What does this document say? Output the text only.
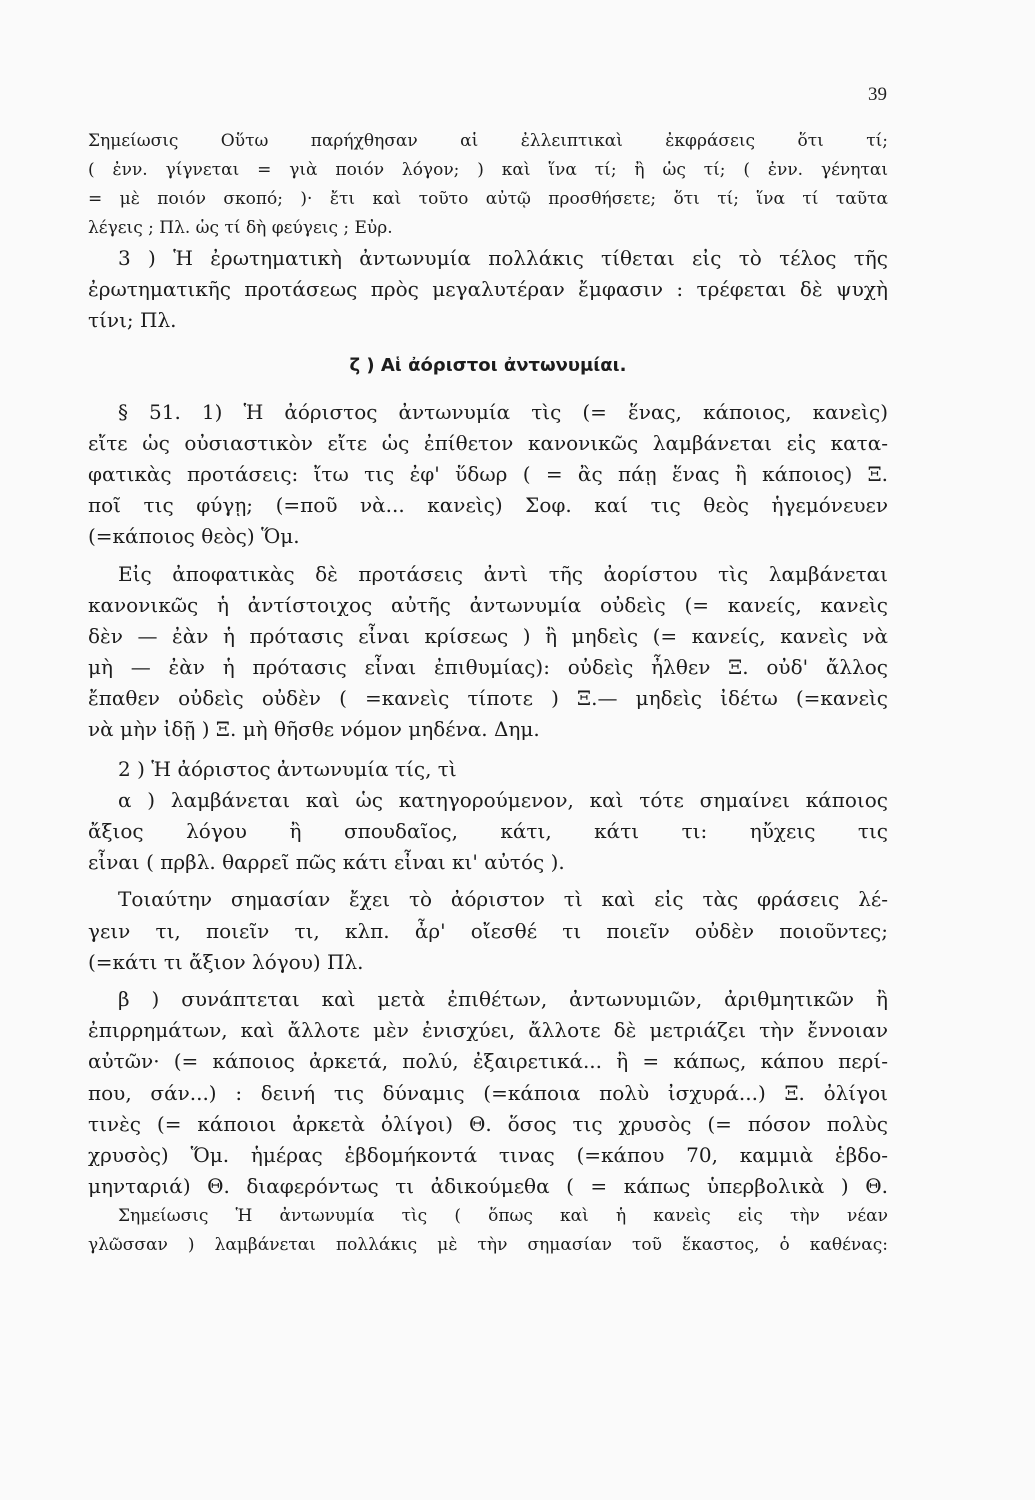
39
Σημείωσις Οὕτω παρήχθησαν αἱ ἐλλειπτικαὶ ἐκφράσεις ὅτι τί;
( ἐνν. γίγνεται = γιὰ ποιόν λόγον; ) καὶ ἵνα τί; ἢ ὡς τί; ( ἐνν. γένηται
= μὲ ποιόν σκοπό; )· ἔτι καὶ τοῦτο αὐτῷ προσθήσετε; ὅτι τί; ἵνα τί ταῦτα
λέγεις ; Πλ. ὡς τί δὴ φεύγεις ; Εὐρ.
3 ) Ἡ ἐρωτηματικὴ ἀντωνυμία πολλάκις τίθεται εἰς τὸ τέλος τῆς
ἐρωτηματικῆς προτάσεως πρὸς μεγαλυτέραν ἔμφασιν : τρέφεται δὲ ψυχὴ
τίνι; Πλ.
ζ ) Αἱ ἀόριστοι ἀντωνυμίαι.
§ 51. 1) Ἡ ἀόριστος ἀντωνυμία τὶς (= ἕνας, κάποιος, κανεὶς)
εἴτε ὡς οὐσιαστικὸν εἴτε ὡς ἐπίθετον κανονικῶς λαμβάνεται εἰς κατα-
φατικὰς προτάσεις: ἴτω τις ἐφ' ὕδωρ ( = ἂς πάῃ ἕνας ἢ κάποιος) Ξ.
ποῖ τις φύγῃ; (=ποῦ νὰ... κανεὶς) Σοφ. καί τις θεὸς ἡγεμόνευεν
(=κάποιος θεὸς) Ὅμ.
Εἰς ἀποφατικὰς δὲ προτάσεις ἀντὶ τῆς ἀορίστου τὶς λαμβάνεται
κανονικῶς ἡ ἀντίστοιχος αὐτῆς ἀντωνυμία οὐδεὶς (= κανείς, κανεὶς
δὲν — ἐὰν ἡ πρότασις εἶναι κρίσεως ) ἢ μηδεὶς (= κανείς, κανεὶς νὰ
μὴ — ἐὰν ἡ πρότασις εἶναι ἐπιθυμίας): οὐδεὶς ἦλθεν Ξ. οὐδ' ἄλλος
ἔπαθεν οὐδεὶς οὐδὲν ( =κανεὶς τίποτε ) Ξ.— μηδεὶς ἰδέτω (=κανεὶς
νὰ μὴν ἰδῇ ) Ξ. μὴ θῆσθε νόμον μηδένα. Δημ.
2 ) Ἡ ἀόριστος ἀντωνυμία τίς, τὶ
α ) λαμβάνεται καὶ ὡς κατηγορούμενον, καὶ τότε σημαίνει κάποιος
ἄξιος λόγου ἢ σπουδαῖος, κάτι, κάτι τι: ηὔχεις τις
εἶναι ( πρβλ. θαρρεῖ πῶς κάτι εἶναι κι' αὐτός ).
Τοιαύτην σημασίαν ἔχει τὸ ἀόριστον τὶ καὶ εἰς τὰς φράσεις λέ-
γειν τι, ποιεῖν τι, κλπ. ἆρ' οἴεσθέ τι ποιεῖν οὐδὲν ποιοῦντες;
(=κάτι τι ἄξιον λόγου) Πλ.
β ) συνάπτεται καὶ μετὰ ἐπιθέτων, ἀντωνυμιῶν, ἀριθμητικῶν ἢ
ἐπιρρημάτων, καὶ ἄλλοτε μὲν ἐνισχύει, ἄλλοτε δὲ μετριάζει τὴν ἔννοιαν
αὐτῶν· (= κάποιος ἀρκετά, πολύ, ἐξαιρετικά... ἢ = κάπως, κάπου περί-
που, σάν...) : δεινή τις δύναμις (=κάποια πολὺ ἰσχυρά...) Ξ. ὀλίγοι
τινὲς (= κάποιοι ἀρκετὰ ὀλίγοι) Θ. ὅσος τις χρυσὸς (= πόσον πολὺς
χρυσὸς) Ὅμ. ἡμέρας ἑβδομήκοντά τινας (=κάπου 70, καμμιὰ ἑβδο-
μηνταριά) Θ. διαφερόντως τι ἀδικούμεθα ( = κάπως ὑπερβολικὰ ) Θ.
Σημείωσις Ἡ ἀντωνυμία τὶς ( ὅπως καὶ ἡ κανεὶς εἰς τὴν νέαν
γλῶσσαν ) λαμβάνεται πολλάκις μὲ τὴν σημασίαν τοῦ ἕκαστος, ὁ καθένας:
